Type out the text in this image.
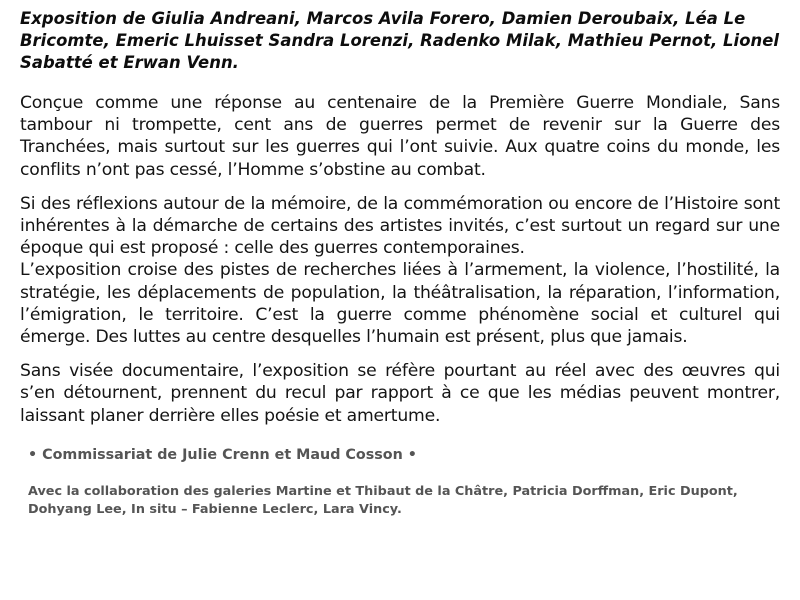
Exposition de Giulia Andreani, Marcos Avila Forero, Damien Deroubaix, Léa Le Bricomte, Emeric Lhuisset Sandra Lorenzi, Radenko Milak, Mathieu Pernot, Lionel Sabatté et Erwan Venn.

Conçue comme une réponse au centenaire de la Première Guerre Mondiale, Sans tambour ni trompette, cent ans de guerres permet de revenir sur la Guerre des Tranchées, mais surtout sur les guerres qui l’ont suivie. Aux quatre coins du monde, les conflits n’ont pas cessé, l’Homme s’obstine au combat.

Si des réflexions autour de la mémoire, de la commémoration ou encore de l’Histoire sont inhérentes à la démarche de certains des artistes invités, c’est surtout un regard sur une époque qui est proposé : celle des guerres contemporaines.
L’exposition croise des pistes de recherches liées à l’armement, la violence, l’hostilité, la stratégie, les déplacements de population, la théâtralisation, la réparation, l’information, l’émigration, le territoire. C’est la guerre comme phénomène social et culturel qui émerge. Des luttes au centre desquelles l’humain est présent, plus que jamais.

Sans visée documentaire, l’exposition se réfère pourtant au réel avec des œuvres qui s’en détournent, prennent du recul par rapport à ce que les médias peuvent montrer, laissant planer derrière elles poésie et amertume.

• Commissariat de Julie Crenn et Maud Cosson •

Avec la collaboration des galeries Martine et Thibaut de la Châtre, Patricia Dorffman, Eric Dupont, Dohyang Lee, In situ – Fabienne Leclerc, Lara Vincy.
